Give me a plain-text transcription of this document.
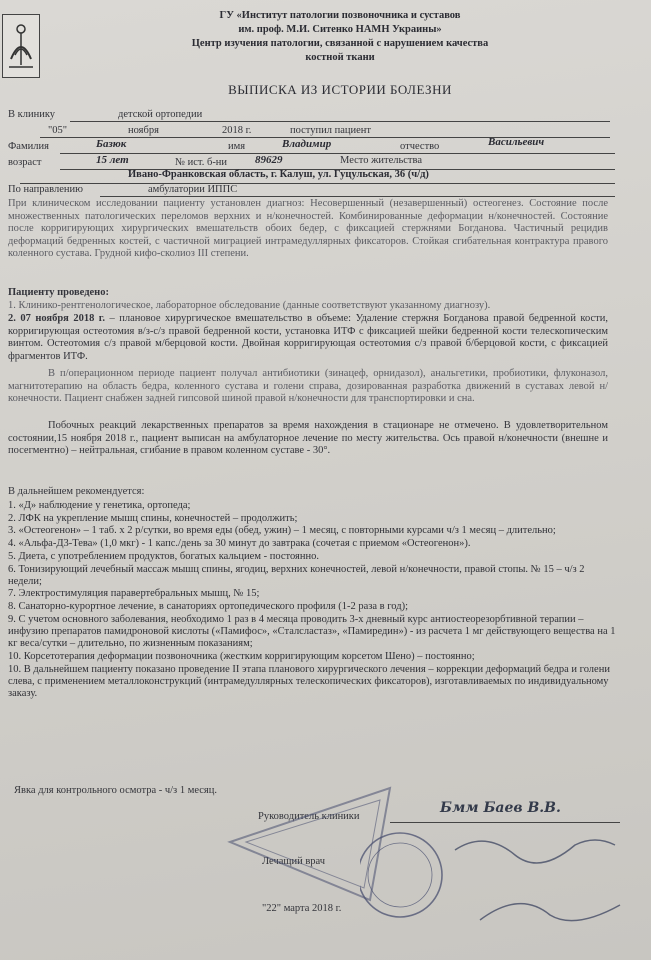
ГУ «Институт патологии позвоночника и суставов
им. проф. М.И. Ситенко НАМН Украины»
Центр изучения патологии, связанной с нарушением качества
костной ткани
ВЫПИСКА ИЗ ИСТОРИИ БОЛЕЗНИ
В клинику	детской ортопедии
"05"	ноября	2018 г.	поступил пациент
Фамилия	Базюк	имя	Владимир	отчество	Васильевич
возраст	15 лет	№ ист. б-ни	89629	Место жительства
Ивано-Франковская область, г. Калуш, ул. Гуцульская, 36 (ч/д)
По направлению	амбулатории ИППС
При клиническом исследовании пациенту установлен диагноз: Несовершенный (незавершенный) остеогенез. Состояние после множественных патологических переломов верхних и н/конечностей. Комбинированные деформации н/конечностей. Состояние после корригирующих хирургических вмешательств обоих бедер, с фиксацией стержнями Богданова. Частичный рецидив деформаций бедренных костей, с частичной миграцией интрамедуллярных фиксаторов. Стойкая сгибательная контрактура правого коленного сустава. Грудной кифо-сколиоз III степени.
Пациенту проведено:
1. Клинико-рентгенологическое, лабораторное обследование (данные соответствуют указанному диагнозу).
2. 07 ноября 2018 г. – плановое хирургическое вмешательство в объеме: Удаление стержня Богданова правой бедренной кости, корригирующая остеотомия в/з-с/з правой бедренной кости, установка ИТФ с фиксацией шейки бедренной кости телескопическим винтом. Остеотомия с/з правой м/берцовой кости. Двойная корригирующая остеотомия с/з правой б/берцовой кости, с фиксацией фрагментов ИТФ.
В п/операционном периоде пациент получал антибиотики (зинацеф, орнидазол), анальгетики, пробиотики, флуконазол, магнитотерапию на область бедра, коленного сустава и голени справа, дозированная разработка движений в суставах левой н/конечности. Пациент снабжен задней гипсовой шиной правой н/конечности для транспортировки и сна.
Побочных реакций лекарственных препаратов за время нахождения в стационаре не отмечено. В удовлетворительном состоянии,15 ноября 2018 г., пациент выписан на амбулаторное лечение по месту жительства. Ось правой н/конечности (внешне и посегментно) – нейтральная, сгибание в правом коленном суставе - 30°.
В дальнейшем рекомендуется:
1. «Д» наблюдение у генетика, ортопеда;
2. ЛФК на укрепление мышц спины, конечностей – продолжить;
3. «Остеогенон» – 1 таб. х 2 р/сутки, во время еды (обед, ужин) – 1 месяц, с повторными курсами ч/з 1 месяц – длительно;
4. «Альфа-Д3-Тева» (1,0 мкг) - 1 капс./день за 30 минут до завтрака (сочетая с приемом «Остеогенон»).
5. Диета, с употреблением продуктов, богатых кальцием - постоянно.
6. Тонизирующий лечебный массаж мышц спины, ягодиц, верхних конечностей, левой н/конечности, правой стопы. № 15 – ч/з 2 недели;
7. Электростимуляция паравертебральных мышц, № 15;
8. Санаторно-курортное лечение, в санаториях ортопедического профиля (1-2 раза в год);
9. С учетом основного заболевания, необходимо 1 раз в 4 месяца проводить 3-х дневный курс антиостеорезорбтивной терапии – инфузию препаратов памидроновой кислоты («Памифос», «Сталсластаз», «Памиредин») - из расчета 1 мг действующего вещества на 1 кг веса/сутки – длительно, по жизненным показаниям;
10. Корсетотерапия деформации позвоночника (жестким корригирующим корсетом Шено) – постоянно;
10. В дальнейшем пациенту показано проведение II этапа планового хирургического лечения – коррекции деформаций бедра и голени слева, с применением металлоконструкций (интрамедуллярных телескопических фиксаторов), изготавливаемых по индивидуальному заказу.
Явка для контрольного осмотра - ч/з 1 месяц.
Руководитель клиники
Бмм Баев В.В.
Лечащий врач
"22" марта 2018 г.
